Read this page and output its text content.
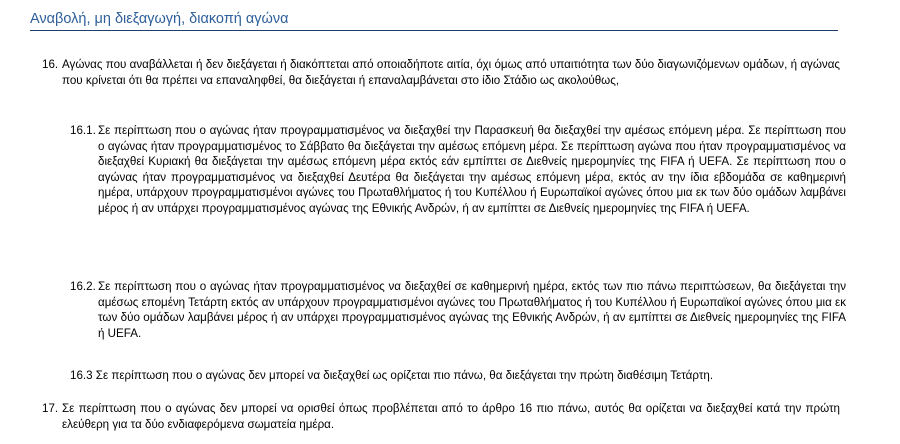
Αναβολή, μη διεξαγωγή, διακοπή αγώνα
16. Αγώνας που αναβάλλεται ή δεν διεξάγεται ή διακόπτεται από οποιαδήποτε αιτία, όχι όμως από υπαιτιότητα των δύο διαγωνιζόμενων ομάδων, ή αγώνας που κρίνεται ότι θα πρέπει να επαναληφθεί, θα διεξάγεται ή επαναλαμβάνεται στο ίδιο Στάδιο ως ακολούθως,
16.1. Σε περίπτωση που ο αγώνας ήταν προγραμματισμένος να διεξαχθεί την Παρασκευή θα διεξαχθεί την αμέσως επόμενη μέρα. Σε περίπτωση που ο αγώνας ήταν προγραμματισμένος το Σάββατο θα διεξάγεται την αμέσως επόμενη μέρα. Σε περίπτωση αγώνα που ήταν προγραμματισμένος να διεξαχθεί Κυριακή θα διεξάγεται την αμέσως επόμενη μέρα εκτός εάν εμπίπτει σε Διεθνείς ημερομηνίες της FIFA ή UEFA. Σε περίπτωση που ο αγώνας ήταν προγραμματισμένος να διεξαχθεί Δευτέρα θα διεξάγεται την αμέσως επόμενη μέρα, εκτός αν την ίδια εβδομάδα σε καθημερινή ημέρα, υπάρχουν προγραμματισμένοι αγώνες του Πρωταθλήματος ή του Κυπέλλου ή Ευρωπαϊκοί αγώνες όπου μια εκ των δύο ομάδων λαμβάνει μέρος ή αν υπάρχει προγραμματισμένος αγώνας της Εθνικής Ανδρών, ή αν εμπίπτει σε Διεθνείς ημερομηνίες της FIFA ή UEFA.
16.2. Σε περίπτωση που ο αγώνας ήταν προγραμματισμένος να διεξαχθεί σε καθημερινή ημέρα, εκτός των πιο πάνω περιπτώσεων, θα διεξάγεται την αμέσως επομένη Τετάρτη εκτός αν υπάρχουν προγραμματισμένοι αγώνες του Πρωταθλήματος ή του Κυπέλλου ή Ευρωπαϊκοί αγώνες όπου μια εκ των δύο ομάδων λαμβάνει μέρος ή αν υπάρχει προγραμματισμένος αγώνας της Εθνικής Ανδρών, ή αν εμπίπτει σε Διεθνείς ημερομηνίες της FIFA ή UEFA.
16.3 Σε περίπτωση που ο αγώνας δεν μπορεί να διεξαχθεί ως ορίζεται πιο πάνω, θα διεξάγεται την πρώτη διαθέσιμη Τετάρτη.
17. Σε περίπτωση που ο αγώνας δεν μπορεί να ορισθεί όπως προβλέπεται από το άρθρο 16 πιο πάνω, αυτός θα ορίζεται να διεξαχθεί κατά την πρώτη ελεύθερη για τα δύο ενδιαφερόμενα σωματεία ημέρα.
